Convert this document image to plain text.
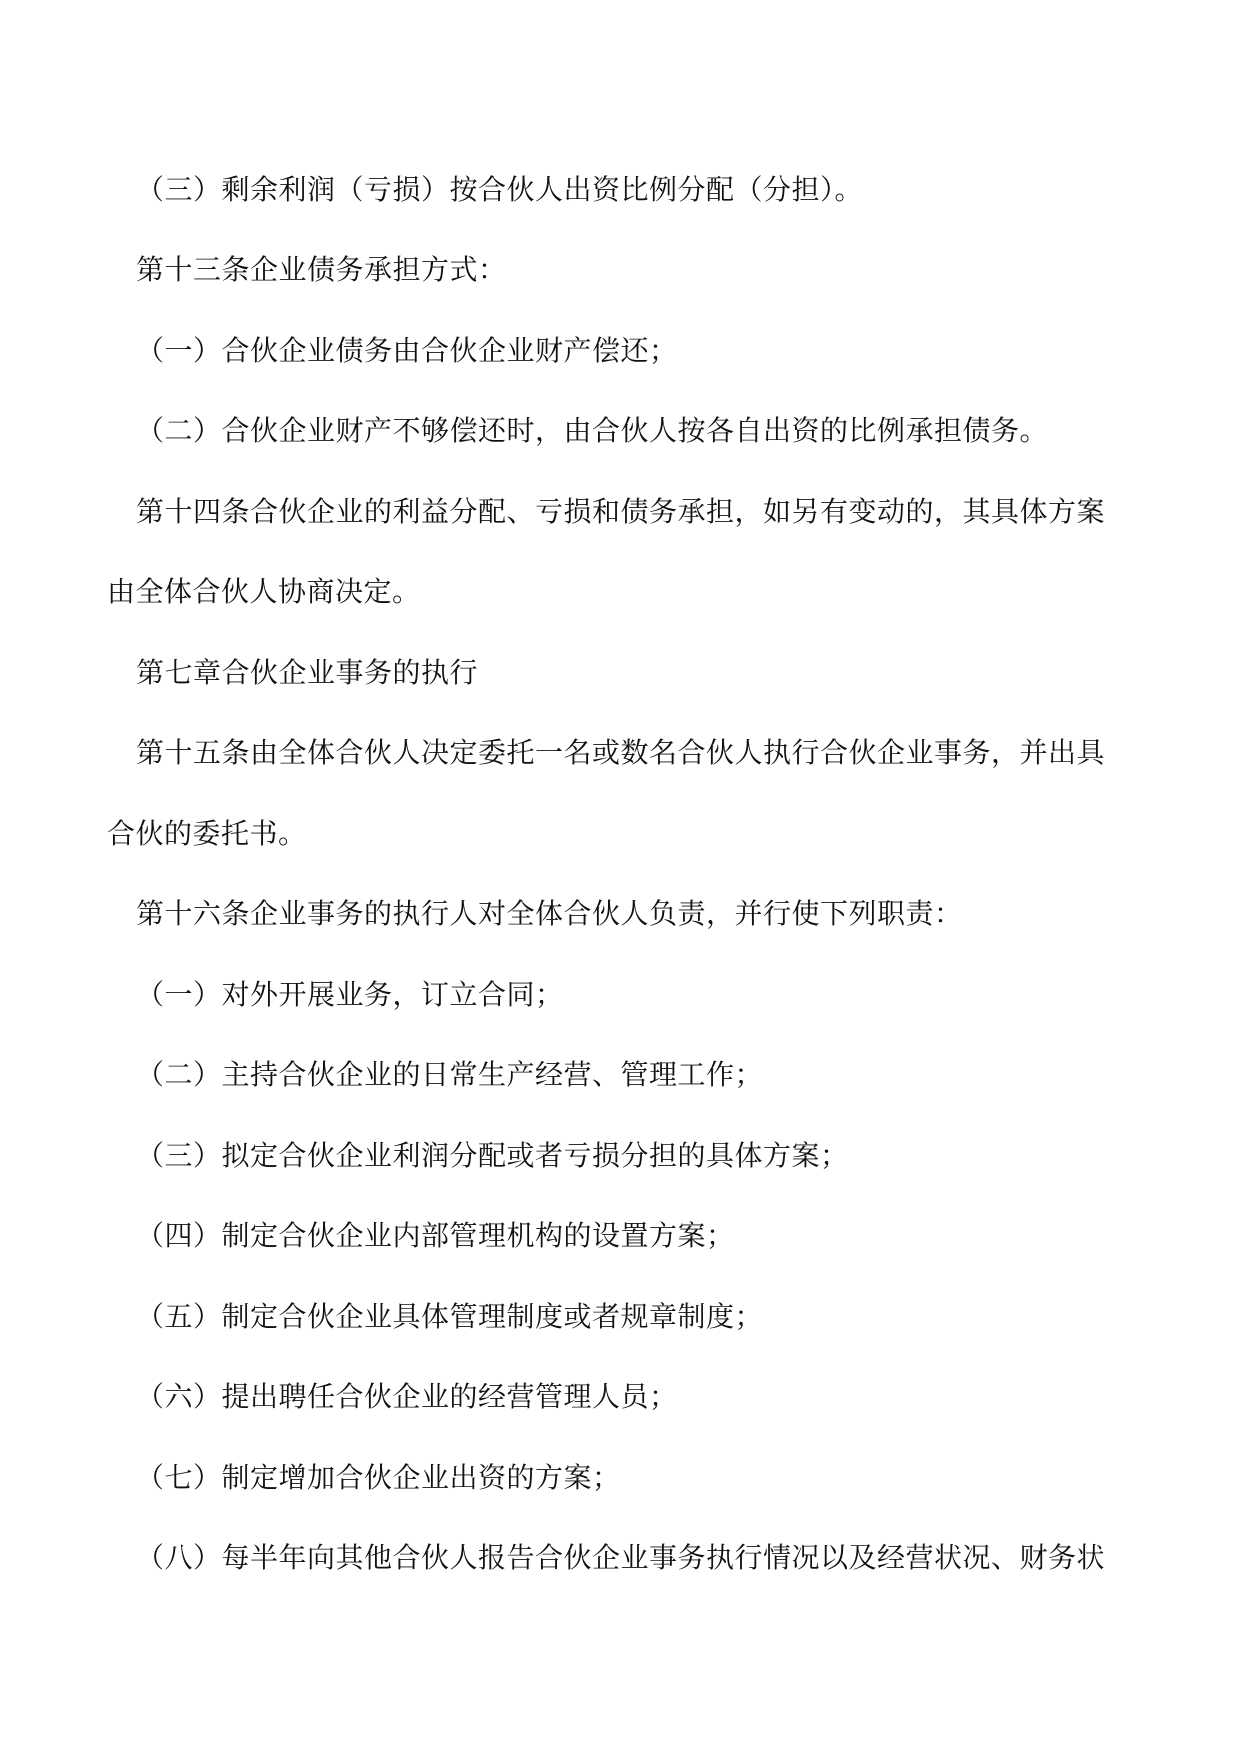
（三）剩余利润（亏损）按合伙人出资比例分配（分担）。
第十三条企业债务承担方式：
（一）合伙企业债务由合伙企业财产偿还；
（二）合伙企业财产不够偿还时，由合伙人按各自出资的比例承担债务。
第十四条合伙企业的利益分配、亏损和债务承担，如另有变动的，其具体方案
由全体合伙人协商决定。
第七章合伙企业事务的执行
第十五条由全体合伙人决定委托一名或数名合伙人执行合伙企业事务，并出具
合伙的委托书。
第十六条企业事务的执行人对全体合伙人负责，并行使下列职责：
（一）对外开展业务，订立合同；
（二）主持合伙企业的日常生产经营、管理工作；
（三）拟定合伙企业利润分配或者亏损分担的具体方案；
（四）制定合伙企业内部管理机构的设置方案；
（五）制定合伙企业具体管理制度或者规章制度；
（六）提出聘任合伙企业的经营管理人员；
（七）制定增加合伙企业出资的方案；
（八）每半年向其他合伙人报告合伙企业事务执行情况以及经营状况、财务状
